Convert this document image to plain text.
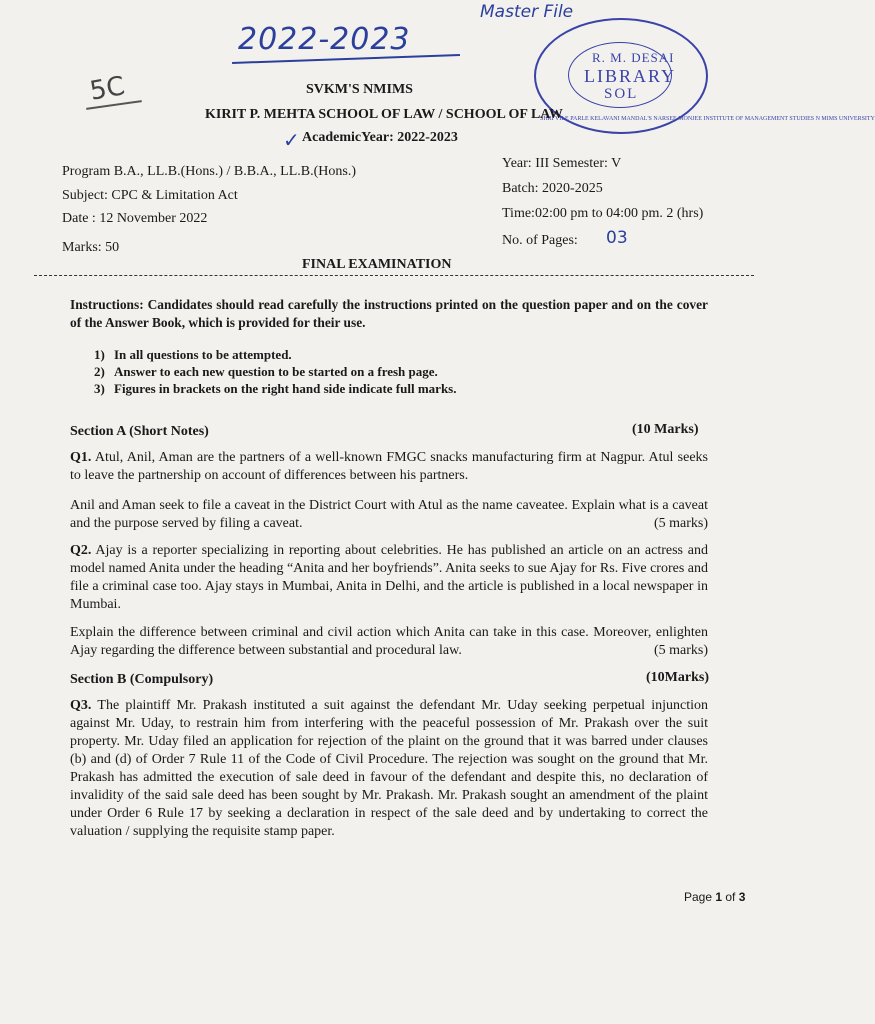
2022-2023
Master File
5C
R. M. DESAI
LIBRARY
SOL
SHRI VILE PARLE KELAVANI MANDAL'S NARSEE MONJEE INSTITUTE OF MANAGEMENT STUDIES N MIMS UNIVERSITY
SVKM'S NMIMS
KIRIT P. MEHTA SCHOOL OF LAW / SCHOOL OF LAW
✓ AcademicYear: 2022-2023
Program B.A., LL.B.(Hons.) / B.B.A., LL.B.(Hons.)
Subject: CPC & Limitation Act
Date : 12 November 2022
Marks: 50
Year: III Semester: V
Batch: 2020-2025
Time:02:00 pm to 04:00 pm. 2 (hrs)
No. of Pages: 03
FINAL EXAMINATION
Instructions: Candidates should read carefully the instructions printed on the question paper and on the cover of the Answer Book, which is provided for their use.
1) In all questions to be attempted.
2) Answer to each new question to be started on a fresh page.
3) Figures in brackets on the right hand side indicate full marks.
Section A (Short Notes)	(10 Marks)
Q1. Atul, Anil, Aman are the partners of a well-known FMGC snacks manufacturing firm at Nagpur. Atul seeks to leave the partnership on account of differences between his partners.
Anil and Aman seek to file a caveat in the District Court with Atul as the name caveatee. Explain what is a caveat and the purpose served by filing a caveat.	(5 marks)
Q2. Ajay is a reporter specializing in reporting about celebrities. He has published an article on an actress and model named Anita under the heading “Anita and her boyfriends”. Anita seeks to sue Ajay for Rs. Five crores and file a criminal case too. Ajay stays in Mumbai, Anita in Delhi, and the article is published in a local newspaper in Mumbai.
Explain the difference between criminal and civil action which Anita can take in this case. Moreover, enlighten Ajay regarding the difference between substantial and procedural law.	(5 marks)
Section B (Compulsory)	(10Marks)
Q3. The plaintiff Mr. Prakash instituted a suit against the defendant Mr. Uday seeking perpetual injunction against Mr. Uday, to restrain him from interfering with the peaceful possession of Mr. Prakash over the suit property. Mr. Uday filed an application for rejection of the plaint on the ground that it was barred under clauses (b) and (d) of Order 7 Rule 11 of the Code of Civil Procedure. The rejection was sought on the ground that Mr. Prakash has admitted the execution of sale deed in favour of the defendant and despite this, no declaration of invalidity of the said sale deed has been sought by Mr. Prakash. Mr. Prakash sought an amendment of the plaint under Order 6 Rule 17 by seeking a declaration in respect of the sale deed and by undertaking to correct the valuation / supplying the requisite stamp paper.
Page 1 of 3
